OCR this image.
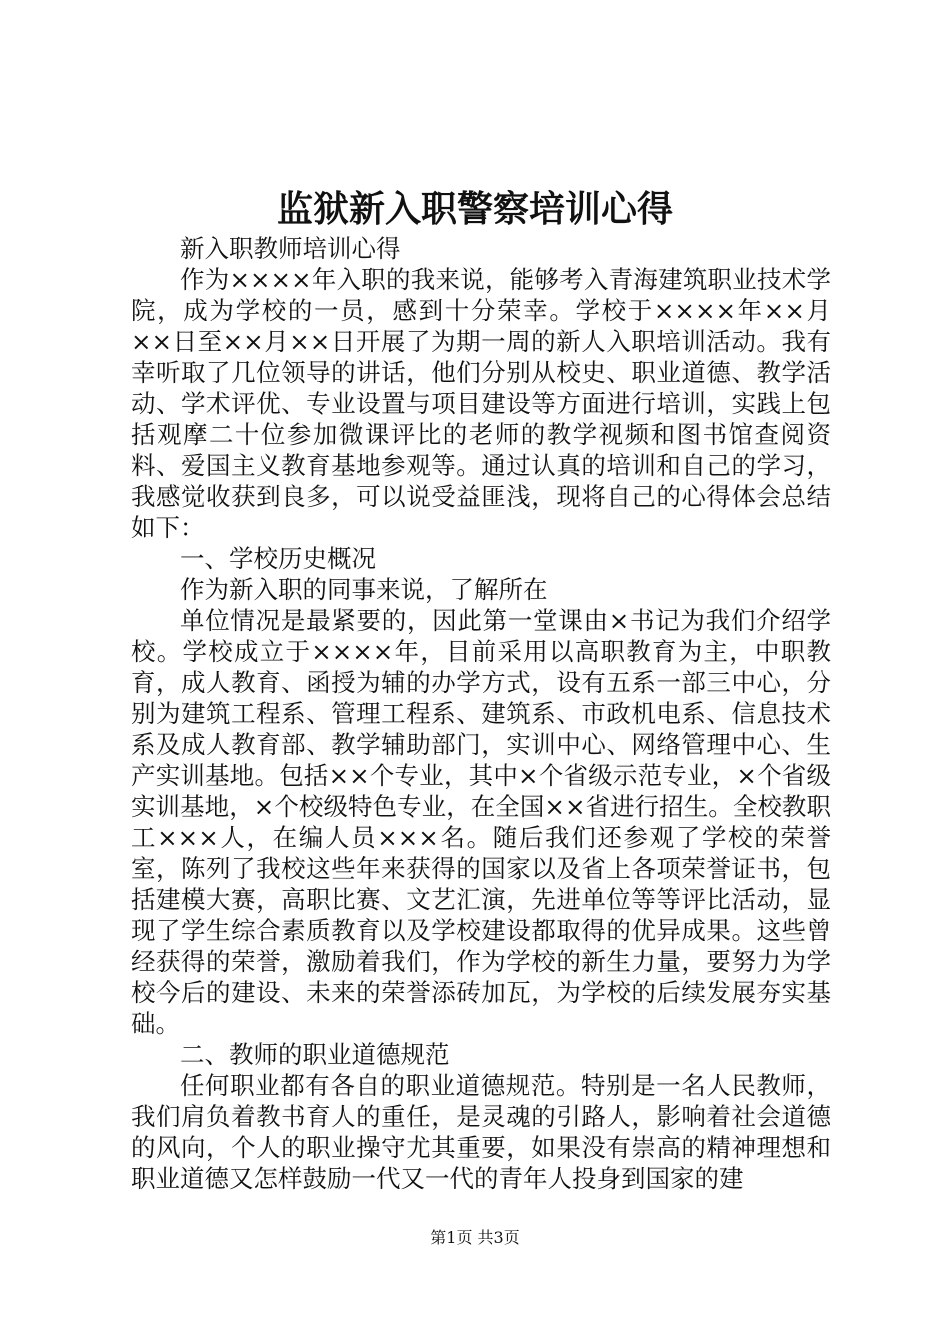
监狱新入职警察培训心得

新入职教师培训心得

作为××××年入职的我来说，能够考入青海建筑职业技术学院，成为学校的一员，感到十分荣幸。学校于××××年××月××日至××月××日开展了为期一周的新人入职培训活动。我有幸听取了几位领导的讲话，他们分别从校史、职业道德、教学活动、学术评优、专业设置与项目建设等方面进行培训，实践上包括观摩二十位参加微课评比的老师的教学视频和图书馆查阅资料、爱国主义教育基地参观等。通过认真的培训和自己的学习，我感觉收获到良多，可以说受益匪浅，现将自己的心得体会总结如下：

一、学校历史概况

作为新入职的同事来说，了解所在

单位情况是最紧要的，因此第一堂课由×书记为我们介绍学校。学校成立于××××年，目前采用以高职教育为主，中职教育，成人教育、函授为辅的办学方式，设有五系一部三中心，分别为建筑工程系、管理工程系、建筑系、市政机电系、信息技术系及成人教育部、教学辅助部门，实训中心、网络管理中心、生产实训基地。包括××个专业，其中×个省级示范专业，×个省级实训基地，×个校级特色专业，在全国××省进行招生。全校教职工×××人，在编人员×××名。随后我们还参观了学校的荣誉室，陈列了我校这些年来获得的国家以及省上各项荣誉证书，包括建模大赛，高职比赛、文艺汇演，先进单位等等评比活动，显现了学生综合素质教育以及学校建设都取得的优异成果。这些曾经获得的荣誉，激励着我们，作为学校的新生力量，要努力为学校今后的建设、未来的荣誉添砖加瓦，为学校的后续发展夯实基础。

二、教师的职业道德规范

任何职业都有各自的职业道德规范。特别是一名人民教师，我们肩负着教书育人的重任，是灵魂的引路人，影响着社会道德的风向，个人的职业操守尤其重要，如果没有崇高的精神理想和职业道德又怎样鼓励一代又一代的青年人投身到国家的建

第1页 共3页
